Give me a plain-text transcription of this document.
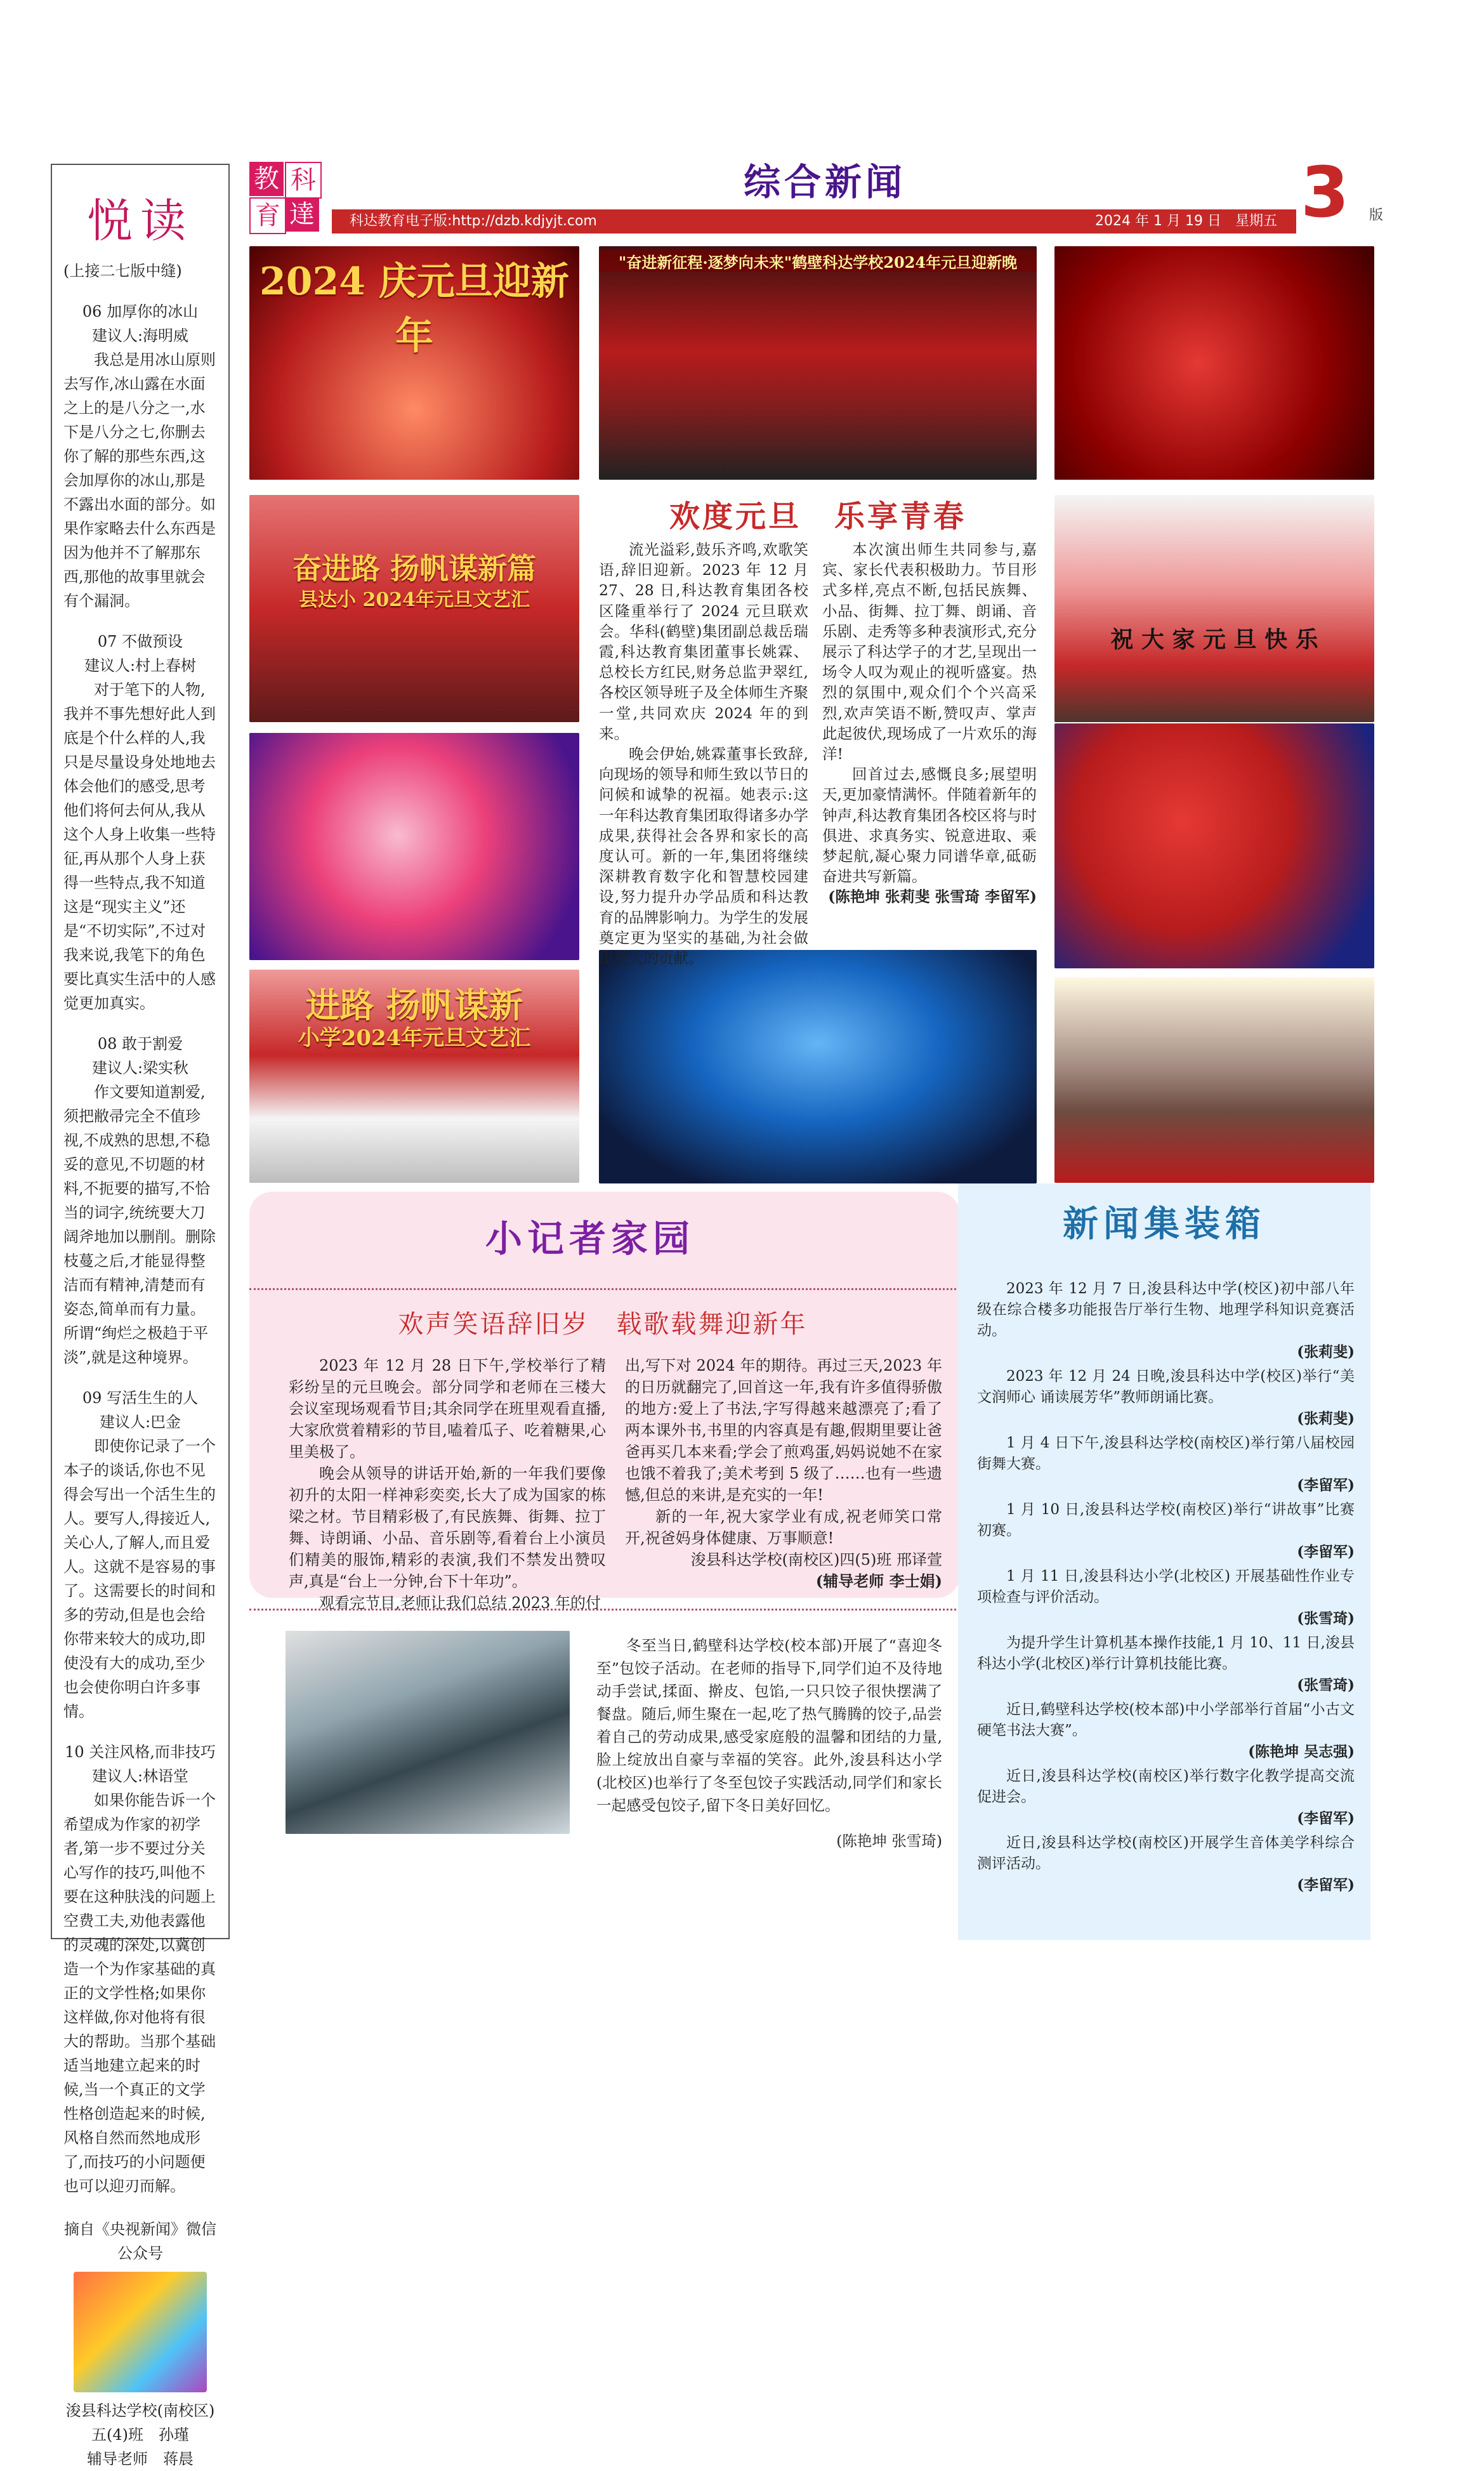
悦读
(上接二七版中缝)
06 加厚你的冰山
建议人:海明威

我总是用冰山原则去写作,冰山露在水面之上的是八分之一,水下是八分之七,你删去你了解的那些东西,这会加厚你的冰山,那是不露出水面的部分。如果作家略去什么东西是因为他并不了解那东西,那他的故事里就会有个漏洞。

07 不做预设
建议人:村上春树

对于笔下的人物,我并不事先想好此人到底是个什么样的人,我只是尽量设身处地地去体会他们的感受,思考他们将何去何从,我从这个人身上收集一些特征,再从那个人身上获得一些特点,我不知道这是“现实主义”还是“不切实际”,不过对我来说,我笔下的角色要比真实生活中的人感觉更加真实。

08 敢于割爱
建议人:梁实秋

作文要知道割爱,须把敝帚完全不值珍视,不成熟的思想,不稳妥的意见,不切题的材料,不扼要的描写,不恰当的词字,统统要大刀阔斧地加以删削。删除枝蔓之后,才能显得整洁而有精神,清楚而有姿态,简单而有力量。所谓“绚烂之极趋于平淡”,就是这种境界。

09 写活生生的人
建议人:巴金

即使你记录了一个本子的谈话,你也不见得会写出一个活生生的人。要写人,得接近人,关心人,了解人,而且爱人。这就不是容易的事了。这需要长的时间和多的劳动,但是也会给你带来较大的成功,即使没有大的成功,至少也会使你明白许多事情。

10 关注风格,而非技巧
建议人:林语堂

如果你能告诉一个希望成为作家的初学者,第一步不要过分关心写作的技巧,叫他不要在这种肤浅的问题上空费工夫,劝他表露他的灵魂的深处,以冀创造一个为作家基础的真正的文学性格;如果你这样做,你对他将有很大的帮助。当那个基础适当地建立起来的时候,当一个真正的文学性格创造起来的时候,风格自然而然地成形了,而技巧的小问题便也可以迎刃而解。

摘自《央视新闻》微信公众号
浚县科达学校(南校区)
五(4)班　孙瑾
辅导老师　蒋晨
教 科
育 達
综合新闻	3 版
科达教育电子版:http://dzb.kdjyjt.com	2024 年 1 月 19 日　星期五
2024 庆元旦迎新年
"奋进新征程·逐梦向未来"鹤壁科达学校2024年元旦迎新晚
奋进路 扬帆谋新篇
县达小 2024年元旦文艺汇
祝 大 家 元 旦 快 乐
进路 扬帆谋新
小学2024年元旦文艺汇
欢度元旦　乐享青春

流光溢彩,鼓乐齐鸣,欢歌笑语,辞旧迎新。2023 年 12 月 27、28 日,科达教育集团各校区隆重举行了 2024 元旦联欢会。华科(鹤壁)集团副总裁岳瑞霞,科达教育集团董事长姚霖、总校长方红民,财务总监尹翠红,各校区领导班子及全体师生齐聚一堂,共同欢庆 2024 年的到来。

晚会伊始,姚霖董事长致辞,向现场的领导和师生致以节日的问候和诚挚的祝福。她表示:这一年科达教育集团取得诸多办学成果,获得社会各界和家长的高度认可。新的一年,集团将继续深耕教育数字化和智慧校园建设,努力提升办学品质和科达教育的品牌影响力。为学生的发展奠定更为坚实的基础,为社会做出更大的贡献。

本次演出师生共同参与,嘉宾、家长代表积极助力。节目形式多样,亮点不断,包括民族舞、小品、街舞、拉丁舞、朗诵、音乐剧、走秀等多种表演形式,充分展示了科达学子的才艺,呈现出一场令人叹为观止的视听盛宴。热烈的氛围中,观众们个个兴高采烈,欢声笑语不断,赞叹声、掌声此起彼伏,现场成了一片欢乐的海洋!

回首过去,感慨良多;展望明天,更加豪情满怀。伴随着新年的钟声,科达教育集团各校区将与时俱进、求真务实、锐意进取、乘梦起航,凝心聚力同谱华章,砥砺奋进共写新篇。

(陈艳坤 张莉斐 张雪琦 李留军)
小记者家园
欢声笑语辞旧岁　载歌载舞迎新年

2023 年 12 月 28 日下午,学校举行了精彩纷呈的元旦晚会。部分同学和老师在三楼大会议室现场观看节目;其余同学在班里观看直播,大家欣赏着精彩的节目,嗑着瓜子、吃着糖果,心里美极了。

晚会从领导的讲话开始,新的一年我们要像初升的太阳一样神彩奕奕,长大了成为国家的栋梁之材。节目精彩极了,有民族舞、街舞、拉丁舞、诗朗诵、小品、音乐剧等,看着台上小演员们精美的服饰,精彩的表演,我们不禁发出赞叹声,真是“台上一分钟,台下十年功”。

观看完节目,老师让我们总结 2023 年的付

出,写下对 2024 年的期待。再过三天,2023 年的日历就翻完了,回首这一年,我有许多值得骄傲的地方:爱上了书法,字写得越来越漂亮了;看了两本课外书,书里的内容真是有趣,假期里要让爸爸再买几本来看;学会了煎鸡蛋,妈妈说她不在家也饿不着我了;美术考到 5 级了……也有一些遗憾,但总的来讲,是充实的一年!

新的一年,祝大家学业有成,祝老师笑口常开,祝爸妈身体健康、万事顺意!

浚县科达学校(南校区)四(5)班 邢译萱
(辅导老师 李士娟)

冬至当日,鹤壁科达学校(校本部)开展了“喜迎冬至”包饺子活动。在老师的指导下,同学们迫不及待地动手尝试,揉面、擀皮、包馅,一只只饺子很快摆满了餐盘。随后,师生聚在一起,吃了热气腾腾的饺子,品尝着自己的劳动成果,感受家庭般的温馨和团结的力量,脸上绽放出自豪与幸福的笑容。此外,浚县科达小学(北校区)也举行了冬至包饺子实践活动,同学们和家长一起感受包饺子,留下冬日美好回忆。

(陈艳坤 张雪琦)
新闻集装箱

2023 年 12 月 7 日,浚县科达中学(校区)初中部八年级在综合楼多功能报告厅举行生物、地理学科知识竞赛活动。

(张莉斐)

2023 年 12 月 24 日晚,浚县科达中学(校区)举行“美文润师心 诵读展芳华”教师朗诵比赛。

(张莉斐)

1 月 4 日下午,浚县科达学校(南校区)举行第八届校园街舞大赛。

(李留军)

1 月 10 日,浚县科达学校(南校区)举行“讲故事”比赛初赛。

(李留军)

1 月 11 日,浚县科达小学(北校区) 开展基础性作业专项检查与评价活动。

(张雪琦)

为提升学生计算机基本操作技能,1 月 10、11 日,浚县科达小学(北校区)举行计算机技能比赛。

(张雪琦)

近日,鹤壁科达学校(校本部)中小学部举行首届“小古文硬笔书法大赛”。

(陈艳坤 吴志强)

近日,浚县科达学校(南校区)举行数字化教学提高交流促进会。

(李留军)

近日,浚县科达学校(南校区)开展学生音体美学科综合测评活动。

(李留军)
